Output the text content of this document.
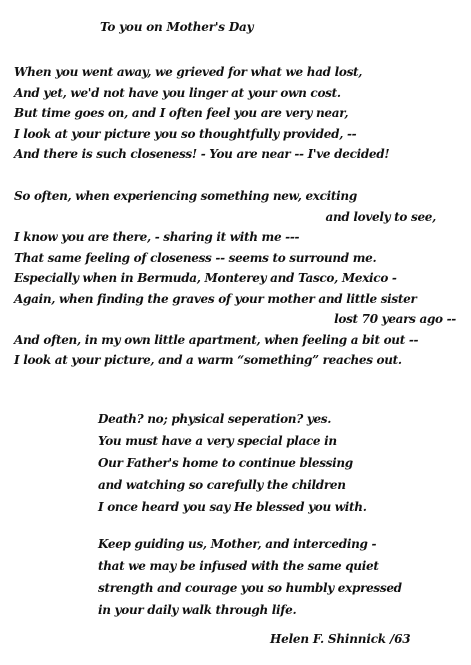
To you on Mother's Day
When you went away, we grieved for what we had lost,
And yet, we'd not have you linger at your own cost.
But time goes on, and I often feel you are very near,
I look at your picture you so thoughtfully provided, --
And there is such closeness! - You are near -- I've decided!
So often, when experiencing something new, exciting
and lovely to see,
I know you are there, - sharing it with me ---
That same feeling of closeness -- seems to surround me.
Especially when in Bermuda, Monterey and Tasco, Mexico -
Again, when finding the graves of your mother and little sister
lost 70 years ago --
And often, in my own little apartment, when feeling a bit out --
I look at your picture, and a warm “something” reaches out.
Death? no; physical seperation? yes.
You must have a very special place in
Our Father's home to continue blessing
and watching so carefully the children
I once heard you say He blessed you with.
Keep guiding us, Mother, and interceding -
that we may be infused with the same quiet
strength and courage you so humbly expressed
in your daily walk through life.
Helen F. Shinnick /63
